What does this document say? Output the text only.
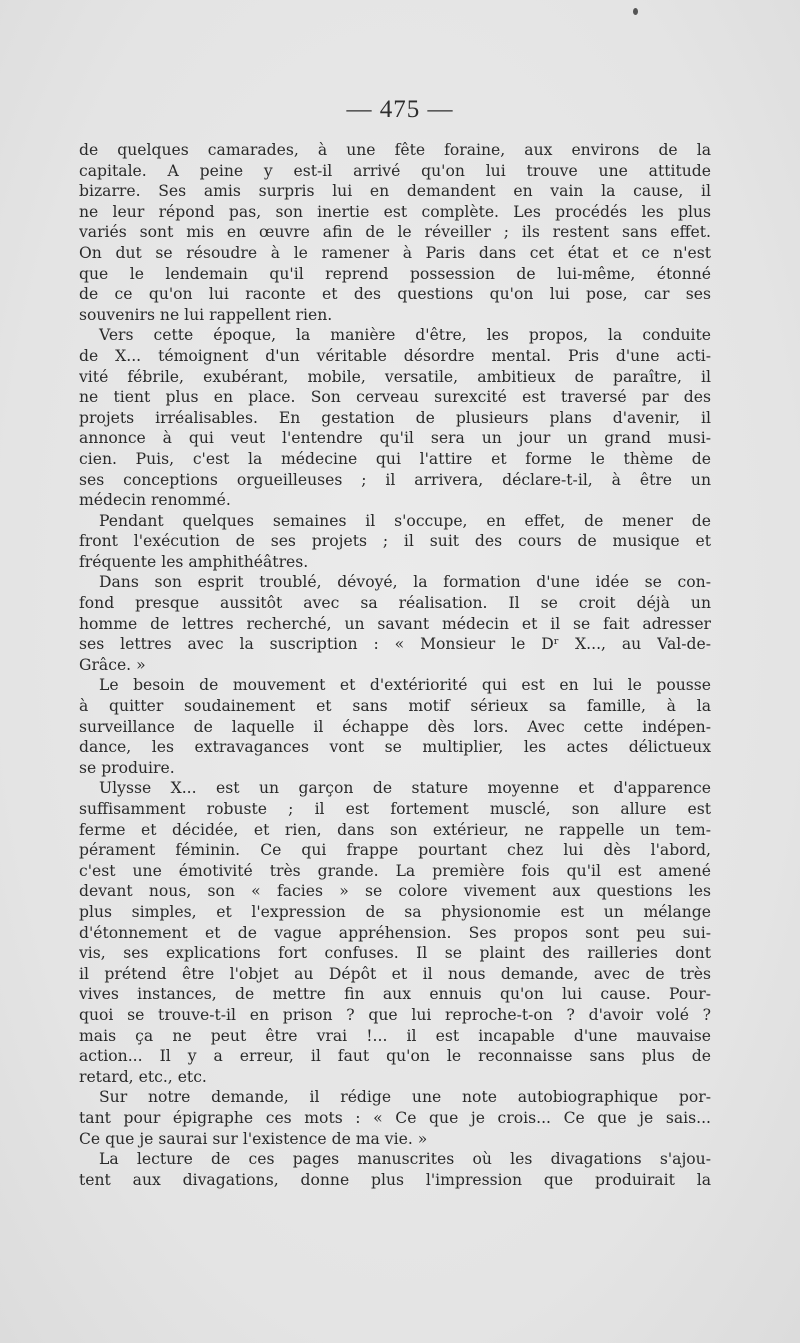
— 475 —
de quelques camarades, à une fête foraine, aux environs de la
capitale. A peine y est-il arrivé qu'on lui trouve une attitude
bizarre. Ses amis surpris lui en demandent en vain la cause, il
ne leur répond pas, son inertie est complète. Les procédés les plus
variés sont mis en œuvre afin de le réveiller ; ils restent sans effet.
On dut se résoudre à le ramener à Paris dans cet état et ce n'est
que le lendemain qu'il reprend possession de lui-même, étonné
de ce qu'on lui raconte et des questions qu'on lui pose, car ses
souvenirs ne lui rappellent rien.
Vers cette époque, la manière d'être, les propos, la conduite
de X... témoignent d'un véritable désordre mental. Pris d'une acti-
vité fébrile, exubérant, mobile, versatile, ambitieux de paraître, il
ne tient plus en place. Son cerveau surexcité est traversé par des
projets irréalisables. En gestation de plusieurs plans d'avenir, il
annonce à qui veut l'entendre qu'il sera un jour un grand musi-
cien. Puis, c'est la médecine qui l'attire et forme le thème de
ses conceptions orgueilleuses ; il arrivera, déclare-t-il, à être un
médecin renommé.
Pendant quelques semaines il s'occupe, en effet, de mener de
front l'exécution de ses projets ; il suit des cours de musique et
fréquente les amphithéâtres.
Dans son esprit troublé, dévoyé, la formation d'une idée se con-
fond presque aussitôt avec sa réalisation. Il se croit déjà un
homme de lettres recherché, un savant médecin et il se fait adresser
ses lettres avec la suscription : « Monsieur le Dʳ X..., au Val-de-
Grâce. »
Le besoin de mouvement et d'extériorité qui est en lui le pousse
à quitter soudainement et sans motif sérieux sa famille, à la
surveillance de laquelle il échappe dès lors. Avec cette indépen-
dance, les extravagances vont se multiplier, les actes délictueux
se produire.
Ulysse X... est un garçon de stature moyenne et d'apparence
suffisamment robuste ; il est fortement musclé, son allure est
ferme et décidée, et rien, dans son extérieur, ne rappelle un tem-
pérament féminin. Ce qui frappe pourtant chez lui dès l'abord,
c'est une émotivité très grande. La première fois qu'il est amené
devant nous, son « facies » se colore vivement aux questions les
plus simples, et l'expression de sa physionomie est un mélange
d'étonnement et de vague appréhension. Ses propos sont peu sui-
vis, ses explications fort confuses. Il se plaint des railleries dont
il prétend être l'objet au Dépôt et il nous demande, avec de très
vives instances, de mettre fin aux ennuis qu'on lui cause. Pour-
quoi se trouve-t-il en prison ? que lui reproche-t-on ? d'avoir volé ?
mais ça ne peut être vrai !... il est incapable d'une mauvaise
action... Il y a erreur, il faut qu'on le reconnaisse sans plus de
retard, etc., etc.
Sur notre demande, il rédige une note autobiographique por-
tant pour épigraphe ces mots : « Ce que je crois... Ce que je sais...
Ce que je saurai sur l'existence de ma vie. »
La lecture de ces pages manuscrites où les divagations s'ajou-
tent aux divagations, donne plus l'impression que produirait la
